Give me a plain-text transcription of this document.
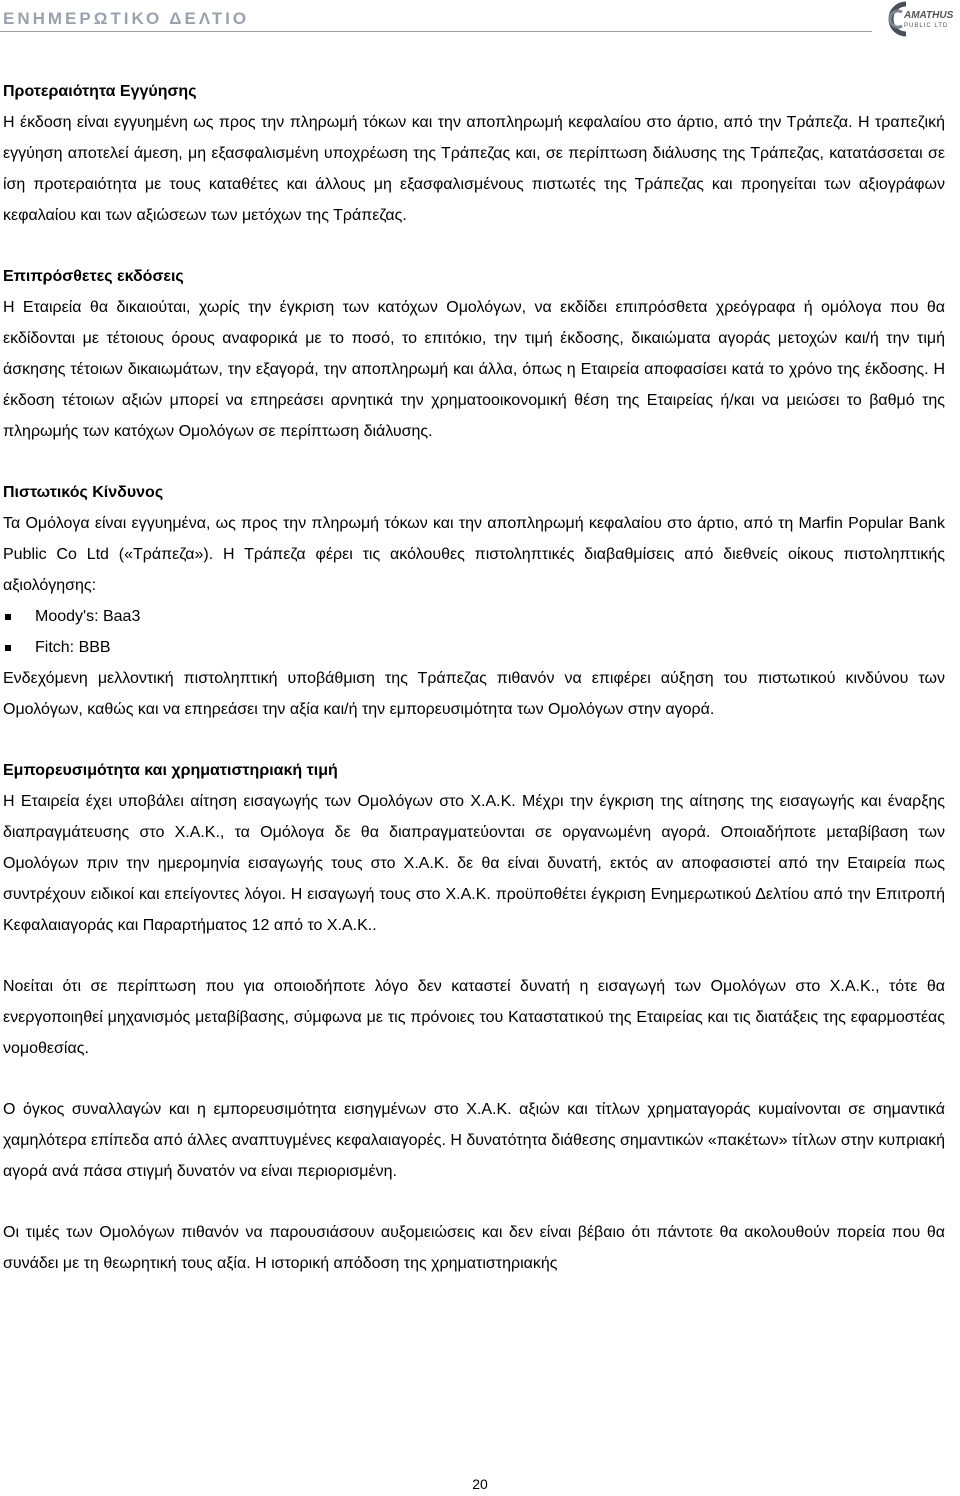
ΕΝΗΜΕΡΩΤΙΚΟ ΔΕΛΤΙΟ	AMATHUS
PUBLIC LTD
Προτεραιότητα Εγγύησης

Η έκδοση είναι εγγυημένη ως προς την πληρωμή τόκων και την αποπληρωμή κεφαλαίου στο άρτιο, από την Τράπεζα. Η τραπεζική εγγύηση αποτελεί άμεση, μη εξασφαλισμένη υποχρέωση της Τράπεζας και, σε περίπτωση διάλυσης της Τράπεζας, κατατάσσεται σε ίση προτεραιότητα με τους καταθέτες και άλλους μη εξασφαλισμένους πιστωτές της Τράπεζας και προηγείται των αξιογράφων κεφαλαίου και των αξιώσεων των μετόχων της Τράπεζας.

Επιπρόσθετες εκδόσεις

Η Εταιρεία θα δικαιούται, χωρίς την έγκριση των κατόχων Ομολόγων, να εκδίδει επιπρόσθετα χρεόγραφα ή ομόλογα που θα εκδίδονται με τέτοιους όρους αναφορικά με το ποσό, το επιτόκιο, την τιμή έκδοσης, δικαιώματα αγοράς μετοχών και/ή την τιμή άσκησης τέτοιων δικαιωμάτων, την εξαγορά, την αποπληρωμή και άλλα, όπως η Εταιρεία αποφασίσει κατά το χρόνο της έκδοσης. Η έκδοση τέτοιων αξιών μπορεί να επηρεάσει αρνητικά την χρηματοοικονομική θέση της Εταιρείας ή/και να μειώσει το βαθμό της πληρωμής των κατόχων Ομολόγων σε περίπτωση διάλυσης.

Πιστωτικός Κίνδυνος

Τα Ομόλογα είναι εγγυημένα, ως προς την πληρωμή τόκων και την αποπληρωμή κεφαλαίου στο άρτιο, από τη Marfin Popular Bank Public Co Ltd («Τράπεζα»). Η Τράπεζα φέρει τις ακόλουθες πιστοληπτικές διαβαθμίσεις από διεθνείς οίκους πιστοληπτικής αξιολόγησης:

Moody's: Baa3
Fitch: BBB

Ενδεχόμενη μελλοντική πιστοληπτική υποβάθμιση της Τράπεζας πιθανόν να επιφέρει αύξηση του πιστωτικού κινδύνου των Ομολόγων, καθώς και να επηρεάσει την αξία και/ή την εμπορευσιμότητα των Ομολόγων στην αγορά.

Εμπορευσιμότητα και χρηματιστηριακή τιμή

Η Εταιρεία έχει υποβάλει αίτηση εισαγωγής των Ομολόγων στο Χ.Α.Κ. Μέχρι την έγκριση της αίτησης της εισαγωγής και έναρξης διαπραγμάτευσης στο Χ.Α.Κ., τα Ομόλογα δε θα διαπραγματεύονται σε οργανωμένη αγορά. Οποιαδήποτε μεταβίβαση των Ομολόγων πριν την ημερομηνία εισαγωγής τους στο Χ.Α.Κ. δε θα είναι δυνατή, εκτός αν αποφασιστεί από την Εταιρεία πως συντρέχουν ειδικοί και επείγοντες λόγοι. Η εισαγωγή τους στο Χ.Α.Κ. προϋποθέτει έγκριση Ενημερωτικού Δελτίου από την Επιτροπή Κεφαλαιαγοράς και Παραρτήματος 12 από το Χ.Α.Κ..

Νοείται ότι σε περίπτωση που για οποιοδήποτε λόγο δεν καταστεί δυνατή η εισαγωγή των Ομολόγων στο Χ.Α.Κ., τότε θα ενεργοποιηθεί μηχανισμός μεταβίβασης, σύμφωνα με τις πρόνοιες του Καταστατικού της Εταιρείας και τις διατάξεις της εφαρμοστέας νομοθεσίας.

Ο όγκος συναλλαγών και η εμπορευσιμότητα εισηγμένων στο Χ.Α.Κ. αξιών και τίτλων χρηματαγοράς κυμαίνονται σε σημαντικά χαμηλότερα επίπεδα από άλλες αναπτυγμένες κεφαλαιαγορές. Η δυνατότητα διάθεσης σημαντικών «πακέτων» τίτλων στην κυπριακή αγορά ανά πάσα στιγμή δυνατόν να είναι περιορισμένη.

Οι τιμές των Ομολόγων πιθανόν να παρουσιάσουν αυξομειώσεις και δεν είναι βέβαιο ότι πάντοτε θα ακολουθούν πορεία που θα συνάδει με τη θεωρητική τους αξία. Η ιστορική απόδοση της χρηματιστηριακής

20
